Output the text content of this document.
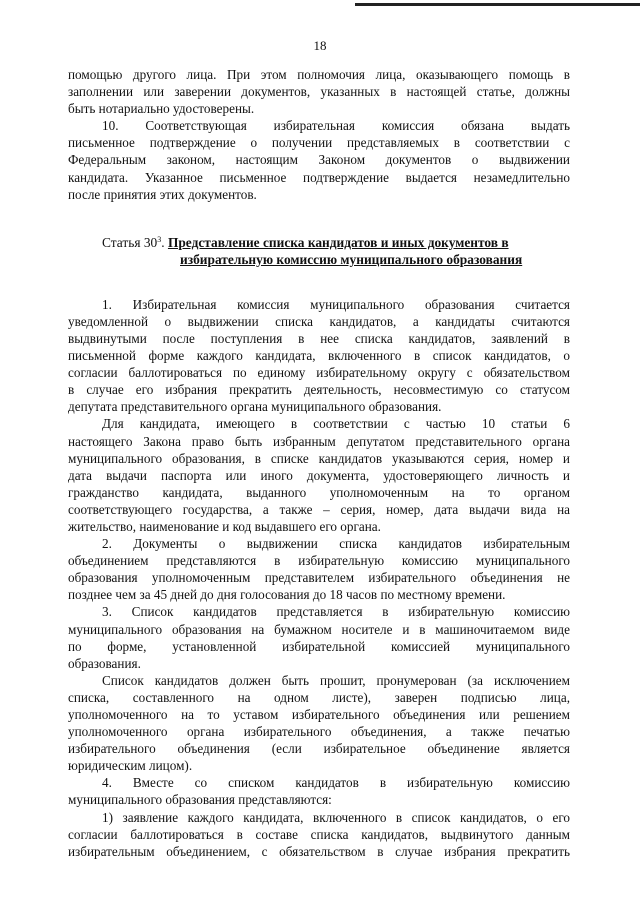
18

помощью другого лица. При этом полномочия лица, оказывающего помощь в

заполнении или заверении документов, указанных в настоящей статье, должны

быть нотариально удостоверены.

10. Соответствующая избирательная комиссия обязана выдать

письменное подтверждение о получении представляемых в соответствии с

Федеральным законом, настоящим Законом документов о выдвижении

кандидата. Указанное письменное подтверждение выдается незамедлительно

после принятия этих документов.

Статья $30^3$. Представление списка кандидатов и иных документов в
избирательную комиссию муниципального образования

1. Избирательная комиссия муниципального образования считается

уведомленной о выдвижении списка кандидатов, а кандидаты считаются

выдвинутыми после поступления в нее списка кандидатов, заявлений в

письменной форме каждого кандидата, включенного в список кандидатов, о

согласии баллотироваться по единому избирательному округу с обязательством

в случае его избрания прекратить деятельность, несовместимую со статусом

депутата представительного органа муниципального образования.

Для кандидата, имеющего в соответствии с частью 10 статьи 6

настоящего Закона право быть избранным депутатом представительного органа

муниципального образования, в списке кандидатов указываются серия, номер и

дата выдачи паспорта или иного документа, удостоверяющего личность и

гражданство кандидата, выданного уполномоченным на то органом

соответствующего государства, а также – серия, номер, дата выдачи вида на

жительство, наименование и код выдавшего его органа.

2. Документы о выдвижении списка кандидатов избирательным

объединением представляются в избирательную комиссию муниципального

образования уполномоченным представителем избирательного объединения не

позднее чем за 45 дней до дня голосования до 18 часов по местному времени.

3. Список кандидатов представляется в избирательную комиссию

муниципального образования на бумажном носителе и в машиночитаемом виде

по форме, установленной избирательной комиссией муниципального

образования.

Список кандидатов должен быть прошит, пронумерован (за исключением

списка, составленного на одном листе), заверен подписью лица,

уполномоченного на то уставом избирательного объединения или решением

уполномоченного органа избирательного объединения, а также печатью

избирательного объединения (если избирательное объединение является

юридическим лицом).

4. Вместе со списком кандидатов в избирательную комиссию

муниципального образования представляются:

1) заявление каждого кандидата, включенного в список кандидатов, о его

согласии баллотироваться в составе списка кандидатов, выдвинутого данным

избирательным объединением, с обязательством в случае избрания прекратить
